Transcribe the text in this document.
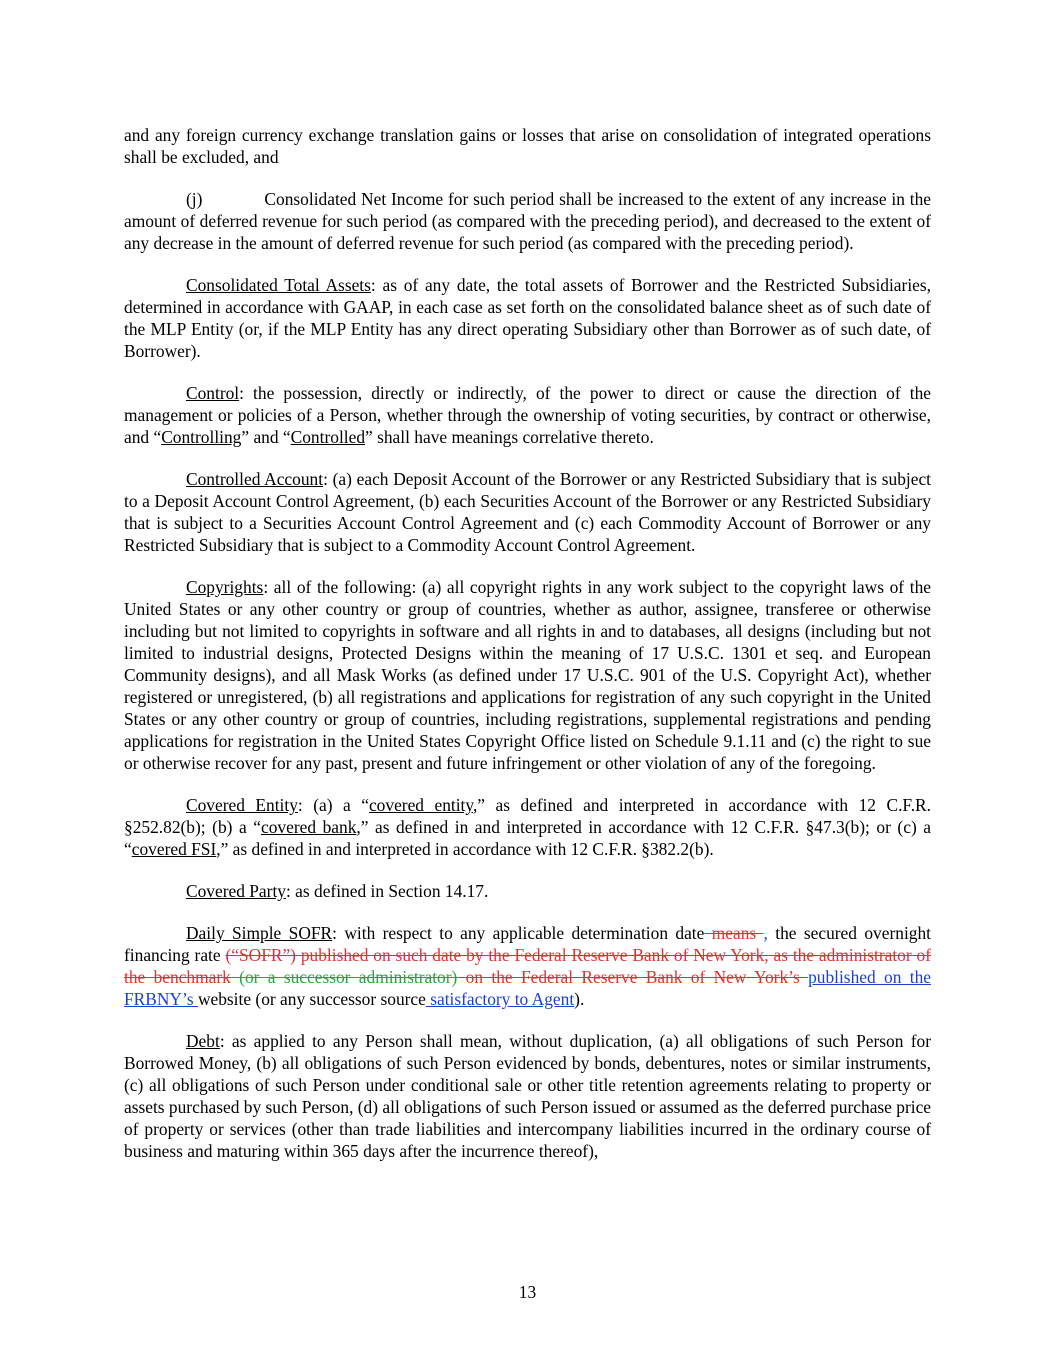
and any foreign currency exchange translation gains or losses that arise on consolidation of integrated operations shall be excluded, and

(j)	Consolidated Net Income for such period shall be increased to the extent of any increase in the amount of deferred revenue for such period (as compared with the preceding period), and decreased to the extent of any decrease in the amount of deferred revenue for such period (as compared with the preceding period).

Consolidated Total Assets: as of any date, the total assets of Borrower and the Restricted Subsidiaries, determined in accordance with GAAP, in each case as set forth on the consolidated balance sheet as of such date of the MLP Entity (or, if the MLP Entity has any direct operating Subsidiary other than Borrower as of such date, of Borrower).

Control: the possession, directly or indirectly, of the power to direct or cause the direction of the management or policies of a Person, whether through the ownership of voting securities, by contract or otherwise, and “Controlling” and “Controlled” shall have meanings correlative thereto.

Controlled Account: (a) each Deposit Account of the Borrower or any Restricted Subsidiary that is subject to a Deposit Account Control Agreement, (b) each Securities Account of the Borrower or any Restricted Subsidiary that is subject to a Securities Account Control Agreement and (c) each Commodity Account of Borrower or any Restricted Subsidiary that is subject to a Commodity Account Control Agreement.

Copyrights: all of the following: (a) all copyright rights in any work subject to the copyright laws of the United States or any other country or group of countries, whether as author, assignee, transferee or otherwise including but not limited to copyrights in software and all rights in and to databases, all designs (including but not limited to industrial designs, Protected Designs within the meaning of 17 U.S.C. 1301 et seq. and European Community designs), and all Mask Works (as defined under 17 U.S.C. 901 of the U.S. Copyright Act), whether registered or unregistered, (b) all registrations and applications for registration of any such copyright in the United States or any other country or group of countries, including registrations, supplemental registrations and pending applications for registration in the United States Copyright Office listed on Schedule 9.1.11 and (c) the right to sue or otherwise recover for any past, present and future infringement or other violation of any of the foregoing.

Covered Entity: (a) a “covered entity,” as defined and interpreted in accordance with 12 C.F.R. §252.82(b); (b) a “covered bank,” as defined in and interpreted in accordance with 12 C.F.R. §47.3(b); or (c) a “covered FSI,” as defined in and interpreted in accordance with 12 C.F.R. §382.2(b).

Covered Party: as defined in Section 14.17.

Daily Simple SOFR: with respect to any applicable determination date means , the secured overnight financing rate (“SOFR”) published on such date by the Federal Reserve Bank of New York, as the administrator of the benchmark (or a successor administrator) on the Federal Reserve Bank of New York’s published on the FRBNY’s website (or any successor source satisfactory to Agent).

Debt: as applied to any Person shall mean, without duplication, (a) all obligations of such Person for Borrowed Money, (b) all obligations of such Person evidenced by bonds, debentures, notes or similar instruments, (c) all obligations of such Person under conditional sale or other title retention agreements relating to property or assets purchased by such Person, (d) all obligations of such Person issued or assumed as the deferred purchase price of property or services (other than trade liabilities and intercompany liabilities incurred in the ordinary course of business and maturing within 365 days after the incurrence thereof),

13
